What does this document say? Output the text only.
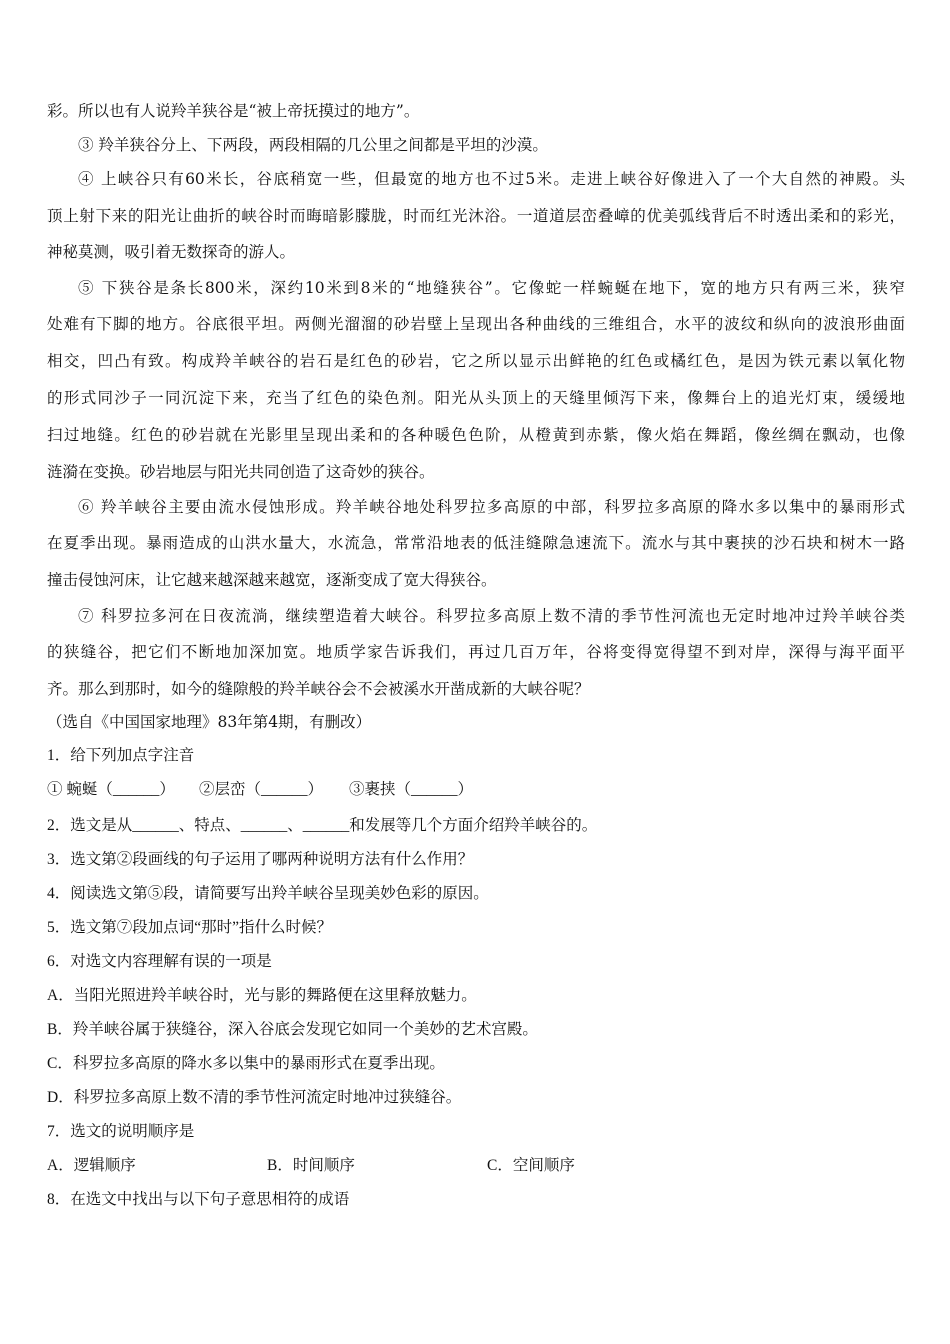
彩。所以也有人说羚羊狭谷是“被上帝抚摸过的地方”。
③ 羚羊狭谷分上、下两段，两段相隔的几公里之间都是平坦的沙漠。
④ 上峡谷只有60米长，谷底稍宽一些，但最宽的地方也不过5米。走进上峡谷好像进入了一个大自然的神殿。头
顶上射下来的阳光让曲折的峡谷时而晦暗影朦胧，时而红光沐浴。一道道层峦叠嶂的优美弧线背后不时透出柔和的彩光，
神秘莫测，吸引着无数探奇的游人。
⑤ 下狭谷是条长800米，深约10米到8米的“地缝狭谷”。它像蛇一样蜿蜒在地下，宽的地方只有两三米，狭窄
处难有下脚的地方。谷底很平坦。两侧光溜溜的砂岩壁上呈现出各种曲线的三维组合，水平的波纹和纵向的波浪形曲面
相交，凹凸有致。构成羚羊峡谷的岩石是红色的砂岩，它之所以显示出鲜艳的红色或橘红色，是因为铁元素以氧化物
的形式同沙子一同沉淀下来，充当了红色的染色剂。阳光从头顶上的天缝里倾泻下来，像舞台上的追光灯束，缓缓地
扫过地缝。红色的砂岩就在光影里呈现出柔和的各种暖色色阶，从橙黄到赤紫，像火焰在舞蹈，像丝绸在飘动，也像
涟漪在变换。砂岩地层与阳光共同创造了这奇妙的狭谷。
⑥ 羚羊峡谷主要由流水侵蚀形成。羚羊峡谷地处科罗拉多高原的中部，科罗拉多高原的降水多以集中的暴雨形式
在夏季出现。暴雨造成的山洪水量大，水流急，常常沿地表的低洼缝隙急速流下。流水与其中裹挟的沙石块和树木一路
撞击侵蚀河床，让它越来越深越来越宽，逐渐变成了宽大得狭谷。
⑦ 科罗拉多河在日夜流淌，继续塑造着大峡谷。科罗拉多高原上数不清的季节性河流也无定时地冲过羚羊峡谷类
的狭缝谷，把它们不断地加深加宽。地质学家告诉我们，再过几百万年，谷将变得宽得望不到对岸，深得与海平面平
齐。那么到那时，如今的缝隙般的羚羊峡谷会不会被溪水开凿成新的大峡谷呢？
（选自《中国国家地理》83年第4期，有删改）
1．给下列加点字注音
① 蜿蜒（______） ②层峦（______） ③裹挟（______）
2．选文是从______、特点、______、______和发展等几个方面介绍羚羊峡谷的。
3．选文第②段画线的句子运用了哪两种说明方法有什么作用？
4．阅读选文第⑤段，请简要写出羚羊峡谷呈现美妙色彩的原因。
5．选文第⑦段加点词“那时”指什么时候？
6．对选文内容理解有误的一项是
A．当阳光照进羚羊峡谷时，光与影的舞路便在这里释放魅力。
B．羚羊峡谷属于狭缝谷，深入谷底会发现它如同一个美妙的艺术宫殿。
C．科罗拉多高原的降水多以集中的暴雨形式在夏季出现。
D．科罗拉多高原上数不清的季节性河流定时地冲过狭缝谷。
7．选文的说明顺序是
A．逻辑顺序	B．时间顺序	C．空间顺序
8．在选文中找出与以下句子意思相符的成语
